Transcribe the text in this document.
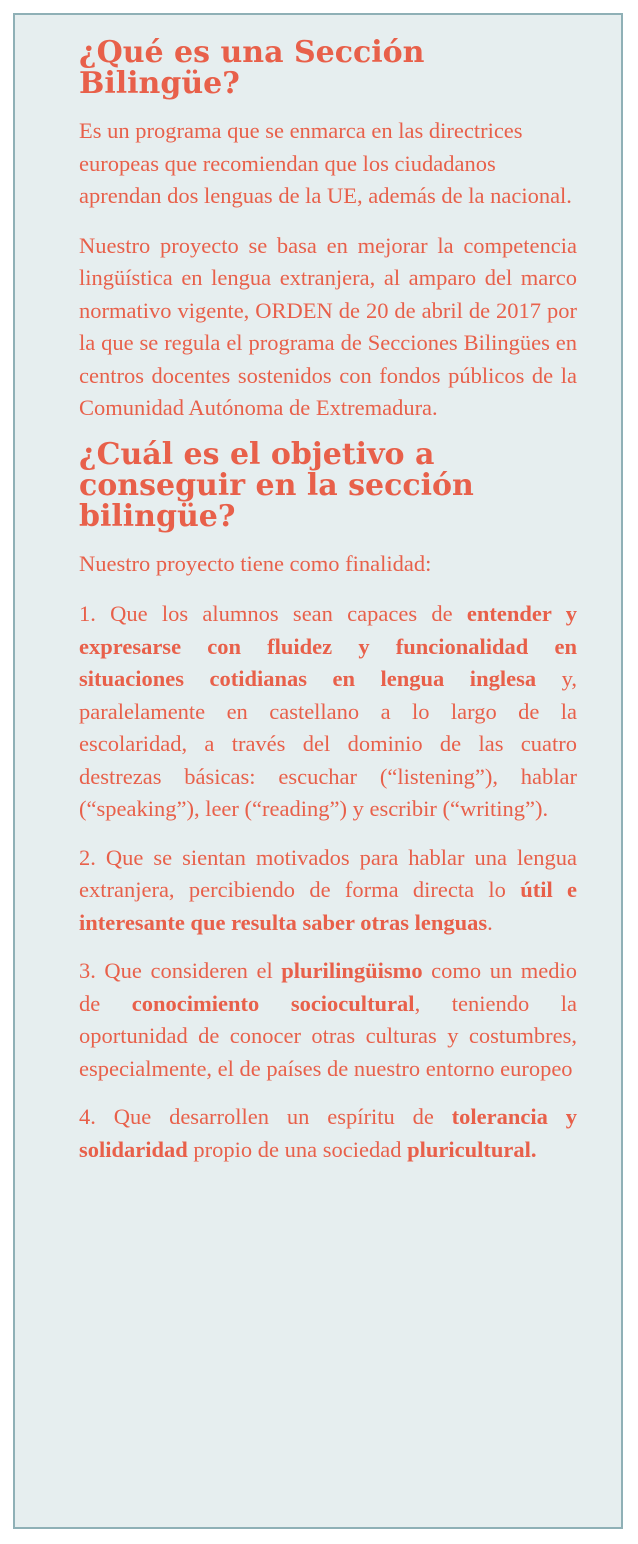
¿Qué es una Sección Bilingüe?

Es un programa que se enmarca en las directrices europeas que recomiendan que los ciudadanos aprendan dos lenguas de la UE, además de la nacional.

Nuestro proyecto se basa en mejorar la competencia lingüística en lengua extranjera, al amparo del marco normativo vigente, ORDEN de 20 de abril de 2017 por la que se regula el programa de Secciones Bilingües en centros docentes sostenidos con fondos públicos de la Comunidad Autónoma de Extremadura.

¿Cuál es el objetivo a conseguir en la sección bilingüe?

Nuestro proyecto tiene como finalidad:

1. Que los alumnos sean capaces de entender y expresarse con fluidez y funcionalidad en situaciones cotidianas en lengua inglesa y, paralelamente en castellano a lo largo de la escolaridad, a través del dominio de las cuatro destrezas básicas: escuchar (“listening”), hablar (“speaking”), leer (“reading”) y escribir (“writing”).

2. Que se sientan motivados para hablar una lengua extranjera, percibiendo de forma directa lo útil e interesante que resulta saber otras lenguas.

3. Que consideren el plurilingüismo como un medio de conocimiento sociocultural, teniendo la oportunidad de conocer otras culturas y costumbres, especialmente, el de países de nuestro entorno europeo

4. Que desarrollen un espíritu de tolerancia y solidaridad propio de una sociedad pluricultural.
